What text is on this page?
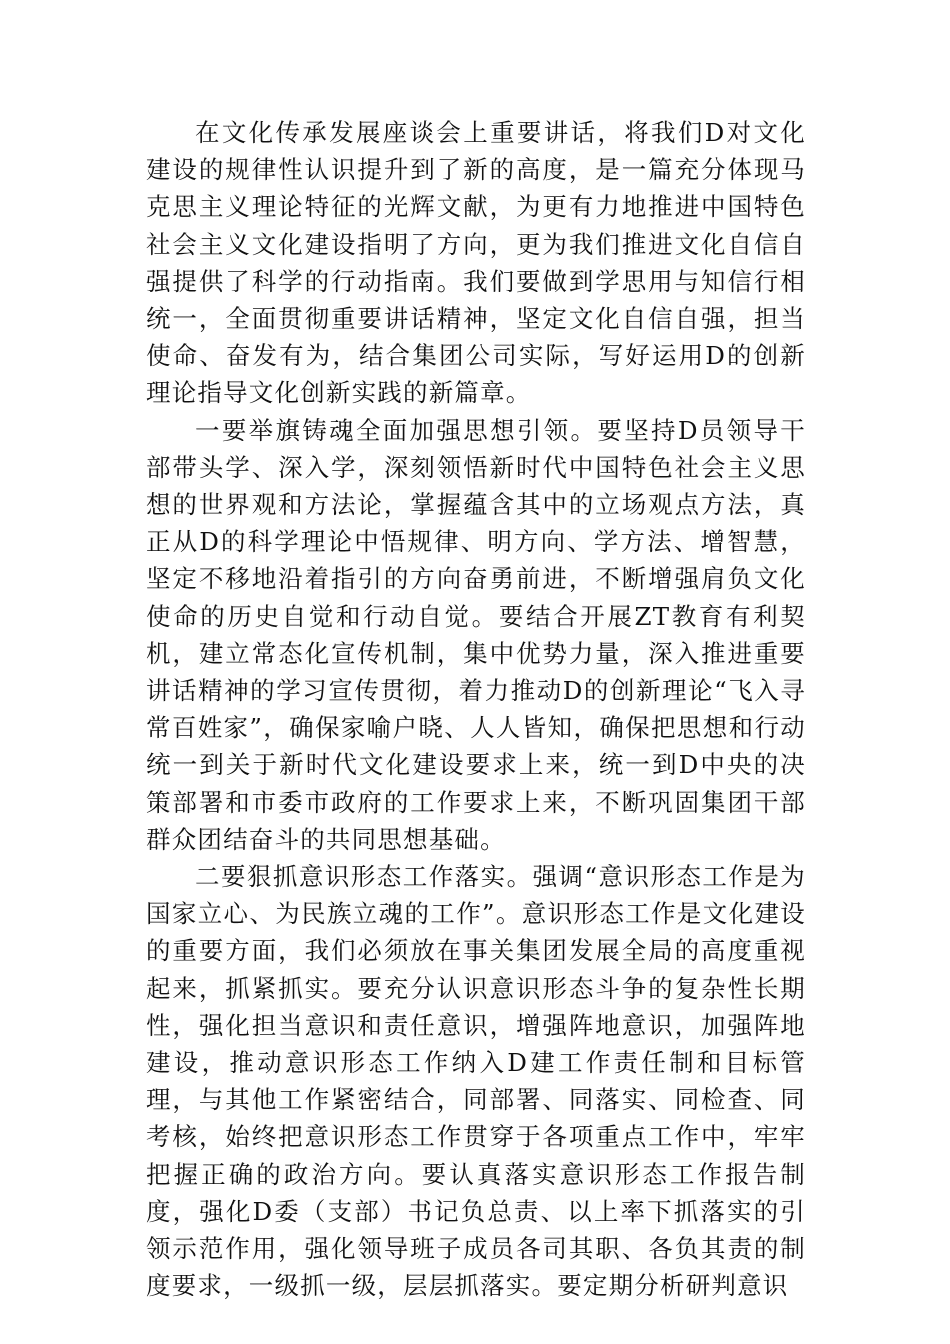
在文化传承发展座谈会上重要讲话，将我们D对文化建设的规律性认识提升到了新的高度，是一篇充分体现马克思主义理论特征的光辉文献，为更有力地推进中国特色社会主义文化建设指明了方向，更为我们推进文化自信自强提供了科学的行动指南。我们要做到学思用与知信行相统一，全面贯彻重要讲话精神，坚定文化自信自强，担当使命、奋发有为，结合集团公司实际，写好运用D的创新理论指导文化创新实践的新篇章。

一要举旗铸魂全面加强思想引领。要坚持D员领导干部带头学、深入学，深刻领悟新时代中国特色社会主义思想的世界观和方法论，掌握蕴含其中的立场观点方法，真正从D的科学理论中悟规律、明方向、学方法、增智慧，坚定不移地沿着指引的方向奋勇前进，不断增强肩负文化使命的历史自觉和行动自觉。要结合开展ZT教育有利契机，建立常态化宣传机制，集中优势力量，深入推进重要讲话精神的学习宣传贯彻，着力推动D的创新理论“飞入寻常百姓家”，确保家喻户晓、人人皆知，确保把思想和行动统一到关于新时代文化建设要求上来，统一到D中央的决策部署和市委市政府的工作要求上来，不断巩固集团干部群众团结奋斗的共同思想基础。

二要狠抓意识形态工作落实。强调“意识形态工作是为国家立心、为民族立魂的工作”。意识形态工作是文化建设的重要方面，我们必须放在事关集团发展全局的高度重视起来，抓紧抓实。要充分认识意识形态斗争的复杂性长期性，强化担当意识和责任意识，增强阵地意识，加强阵地建设，推动意识形态工作纳入D建工作责任制和目标管理，与其他工作紧密结合，同部署、同落实、同检查、同考核，始终把意识形态工作贯穿于各项重点工作中，牢牢把握正确的政治方向。要认真落实意识形态工作报告制度，强化D委（支部）书记负总责、以上率下抓落实的引领示范作用，强化领导班子成员各司其职、各负其责的制度要求，一级抓一级，层层抓落实。要定期分析研判意识
